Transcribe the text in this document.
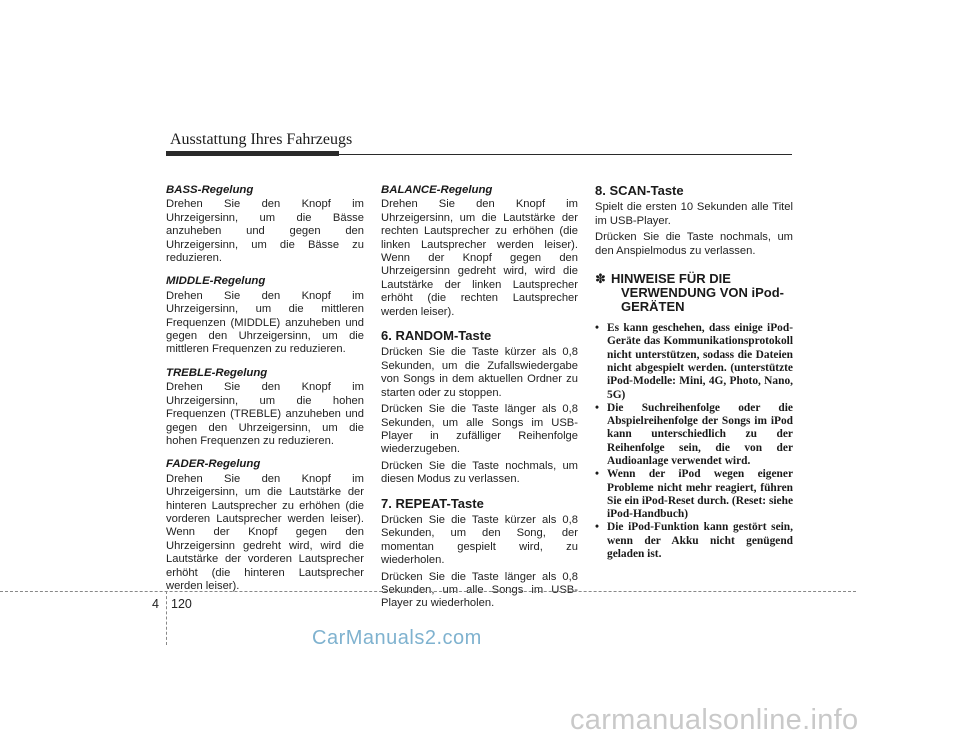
Ausstattung Ihres Fahrzeugs

BASS-Regelung

Drehen Sie den Knopf im Uhrzeigersinn, um die Bässe anzuheben und gegen den Uhrzeigersinn, um die Bässe zu reduzieren.

MIDDLE-Regelung

Drehen Sie den Knopf im Uhrzeigersinn, um die mittleren Frequenzen (MIDDLE) anzuheben und gegen den Uhrzeigersinn, um die mittleren Frequenzen zu reduzieren.

TREBLE-Regelung

Drehen Sie den Knopf im Uhrzeigersinn, um die hohen Frequenzen (TREBLE) anzuheben und gegen den Uhrzeigersinn, um die hohen Frequenzen zu reduzieren.

FADER-Regelung

Drehen Sie den Knopf im Uhrzeigersinn, um die Lautstärke der hinteren Lautsprecher zu erhöhen (die vorderen Lautsprecher werden leiser). Wenn der Knopf gegen den Uhrzeigersinn gedreht wird, wird die Lautstärke der vorderen Lautsprecher erhöht (die hinteren Lautsprecher werden leiser).

BALANCE-Regelung

Drehen Sie den Knopf im Uhrzeigersinn, um die Lautstärke der rechten Lautsprecher zu erhöhen (die linken Lautsprecher werden leiser). Wenn der Knopf gegen den Uhrzeigersinn gedreht wird, wird die Lautstärke der linken Lautsprecher erhöht (die rechten Lautsprecher werden leiser).

6. RANDOM-Taste

Drücken Sie die Taste kürzer als 0,8 Sekunden, um die Zufallswiedergabe von Songs in dem aktuellen Ordner zu starten oder zu stoppen.

Drücken Sie die Taste länger als 0,8 Sekunden, um alle Songs im USB-Player in zufälliger Reihenfolge wiederzugeben.

Drücken Sie die Taste nochmals, um diesen Modus zu verlassen.

7. REPEAT-Taste

Drücken Sie die Taste kürzer als 0,8 Sekunden, um den Song, der momentan gespielt wird, zu wiederholen.

Drücken Sie die Taste länger als 0,8 Sekunden, um alle Songs im USB-Player zu wiederholen.

8. SCAN-Taste

Spielt die ersten 10 Sekunden alle Titel im USB-Player.

Drücken Sie die Taste nochmals, um den Anspielmodus zu verlassen.

✽ HINWEISE FÜR DIE
VERWENDUNG VON iPod-
GERÄTEN
• Es kann geschehen, dass einige iPod-Geräte das Kommunikationsprotokoll nicht unterstützen, sodass die Dateien nicht abgespielt werden. (unterstützte iPod-Modelle: Mini, 4G, Photo, Nano, 5G)
• Die Suchreihenfolge oder die Abspielreihenfolge der Songs im iPod kann unterschiedlich zu der Reihenfolge sein, die von der Audioanlage verwendet wird.
• Wenn der iPod wegen eigener Probleme nicht mehr reagiert, führen Sie ein iPod-Reset durch. (Reset: siehe iPod-Handbuch)
• Die iPod-Funktion kann gestört sein, wenn der Akku nicht genügend geladen ist.
4 120
CarManuals2.com
carmanualsonline.info
